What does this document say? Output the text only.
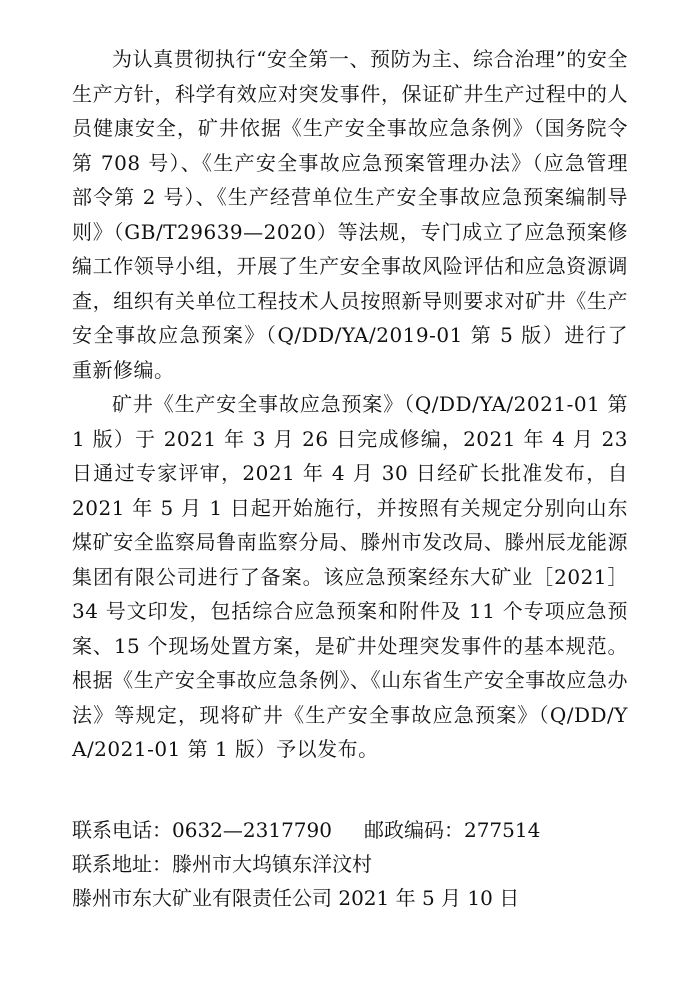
为认真贯彻执行“安全第一、预防为主、综合治理”的安全生产方针，科学有效应对突发事件，保证矿井生产过程中的人员健康安全，矿井依据《生产安全事故应急条例》（国务院令第 708 号）、《生产安全事故应急预案管理办法》（应急管理部令第 2 号）、《生产经营单位生产安全事故应急预案编制导则》（GB/T29639—2020）等法规，专门成立了应急预案修编工作领导小组，开展了生产安全事故风险评估和应急资源调查，组织有关单位工程技术人员按照新导则要求对矿井《生产安全事故应急预案》（Q/DD/YA/2019-01 第 5 版）进行了重新修编。

矿井《生产安全事故应急预案》（Q/DD/YA/2021-01 第 1 版）于 2021 年 3 月 26 日完成修编，2021 年 4 月 23 日通过专家评审，2021 年 4 月 30 日经矿长批准发布，自 2021 年 5 月 1 日起开始施行，并按照有关规定分别向山东煤矿安全监察局鲁南监察分局、滕州市发改局、滕州辰龙能源集团有限公司进行了备案。该应急预案经东大矿业［2021］34 号文印发，包括综合应急预案和附件及 11 个专项应急预案、15 个现场处置方案，是矿井处理突发事件的基本规范。根据《生产安全事故应急条例》、《山东省生产安全事故应急办法》等规定，现将矿井《生产安全事故应急预案》（Q/DD/YA/2021-01 第 1 版）予以发布。

联系电话：0632—2317790 邮政编码：277514

联系地址：滕州市大坞镇东洋汶村

滕州市东大矿业有限责任公司 2021 年 5 月 10 日
